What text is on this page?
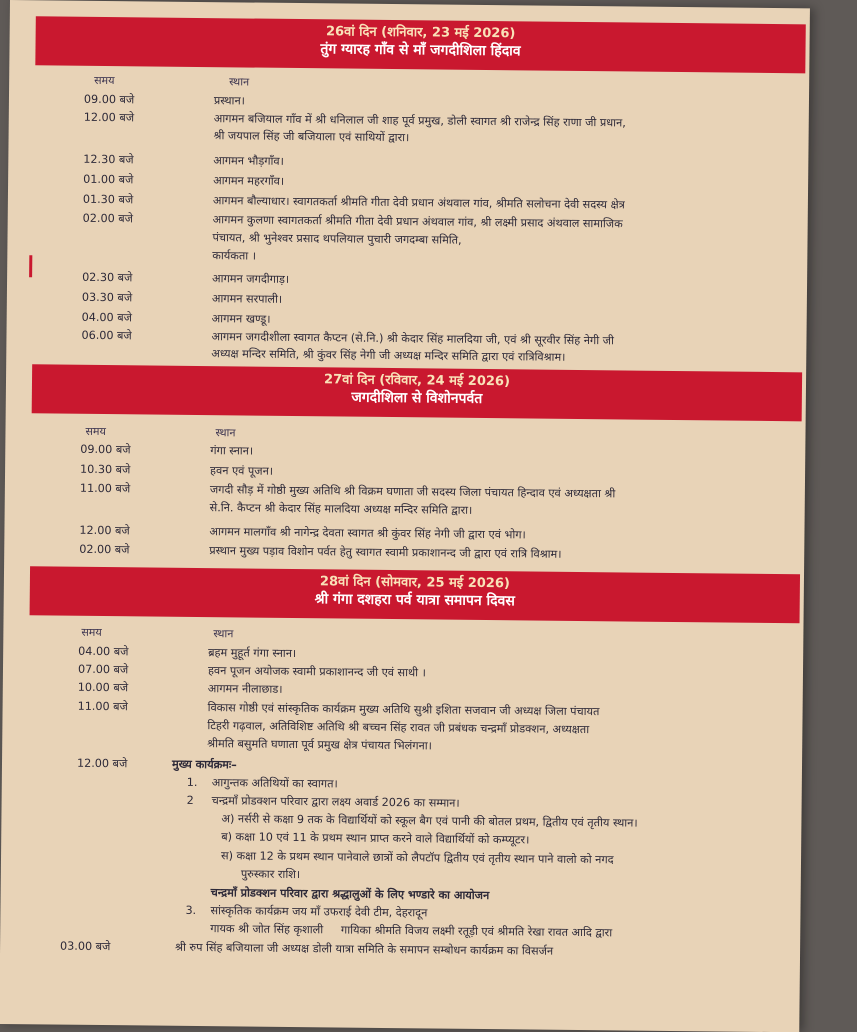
26वां दिन (शनिवार, 23 मई 2026)
तुंग ग्यारह गाँव से माँ जगदीशिला हिंदाव
समय	स्थान
09.00 बजे	प्रस्थान।
12.00 बजे	आगमन बजियाल गाँव में श्री धनिलाल जी शाह पूर्व प्रमुख, डोली स्वागत श्री राजेन्द्र सिंह राणा जी प्रधान,
श्री जयपाल सिंह जी बजियाला एवं साथियों द्वारा।
12.30 बजे	आगमन भौड़गाँव।
01.00 बजे	आगमन महरगाँव।
01.30 बजे	आगमन बौल्याधार। स्वागतकर्ता श्रीमति गीता देवी प्रधान अंथवाल गांव, श्रीमति सलोचना देवी सदस्य क्षेत्र
02.00 बजे	आगमन कुलणा स्वागतकर्ता श्रीमति गीता देवी प्रधान अंथवाल गांव, श्री लक्ष्मी प्रसाद अंथवाल सामाजिक
पंचायत, श्री भुनेश्वर प्रसाद थपलियाल पुचारी जगदम्बा समिति,
कार्यकता ।
02.30 बजे	आगमन जगदीगाड़।
03.30 बजे	आगमन सरपाली।
04.00 बजे	आगमन खण्डू।
06.00 बजे	आगमन जगदीशीला स्वागत कैप्टन (से.नि.) श्री केदार सिंह मालदिया जी, एवं श्री सूरवीर सिंह नेगी जी
अध्यक्ष मन्दिर समिति, श्री कुंवर सिंह नेगी जी अध्यक्ष मन्दिर समिति द्वारा एवं रात्रिविश्राम।
27वां दिन (रविवार, 24 मई 2026)
जगदीशिला से विशोनपर्वत
समय	स्थान
09.00 बजे	गंगा स्नान।
10.30 बजे	हवन एवं पूजन।
11.00 बजे	जगदी सौड़ में गोष्ठी मुख्य अतिथि श्री विक्रम घणाता जी सदस्य जिला पंचायत हिन्दाव एवं अध्यक्षता श्री
से.नि. कैप्टन श्री केदार सिंह मालदिया अध्यक्ष मन्दिर समिति द्वारा।
12.00 बजे	आगमन मालगाँव श्री नागेन्द्र देवता स्वागत श्री कुंवर सिंह नेगी जी द्वारा एवं भोग।
02.00 बजे	प्रस्थान मुख्य पड़ाव विशोन पर्वत हेतु स्वागत स्वामी प्रकाशानन्द जी द्वारा एवं रात्रि विश्राम।
28वां दिन (सोमवार, 25 मई 2026)
श्री गंगा दशहरा पर्व यात्रा समापन दिवस
समय	स्थान
04.00 बजे	ब्रहम मुहूर्त गंगा स्नान।
07.00 बजे	हवन पूजन अयोजक स्वामी प्रकाशानन्द जी एवं साथी ।
10.00 बजे	आगमन नीलाछाड।
11.00 बजे	विकास गोष्ठी एवं सांस्कृतिक कार्यक्रम मुख्य अतिथि सुश्री इशिता सजवान जी अध्यक्ष जिला पंचायत
टिहरी गढ़वाल, अतिविशिष्ट अतिथि श्री बच्चन सिंह रावत जी प्रबंधक चन्द्रमाँ प्रोडक्शन, अध्यक्षता
श्रीमति बसुमति घणाता पूर्व प्रमुख क्षेत्र पंचायत भिलंगना।
12.00 बजे	मुख्य कार्यक्रमः–
1. आगुन्तक अतिथियों का स्वागत।
2 चन्द्रमाँ प्रोडक्शन परिवार द्वारा लक्ष्य अवार्ड 2026 का सम्मान।
अ) नर्सरी से कक्षा 9 तक के विद्यार्थियों को स्कूल बैग एवं पानी की बोतल प्रथम, द्वितीय एवं तृतीय स्थान।
ब) कक्षा 10 एवं 11 के प्रथम स्थान प्राप्त करने वाले विद्यार्थियों को कम्प्यूटर।
स) कक्षा 12 के प्रथम स्थान पानेवाले छात्रों को लैपटॉप द्वितीय एवं तृतीय स्थान पाने वालो को नगद
पुरुस्कार राशि।
चन्द्रमाँ प्रोडक्शन परिवार द्वारा श्रद्धालुओं के लिए भण्डारे का आयोजन
3. सांस्कृतिक कार्यक्रम जय माँ उफराई देवी टीम, देहरादून
गायक श्री जोत सिंह कृशाली     गायिका श्रीमति विजय लक्ष्मी रतूड़ी एवं श्रीमति रेखा रावत आदि द्वारा
03.00 बजे	श्री रुप सिंह बजियाला जी अध्यक्ष डोली यात्रा समिति के समापन सम्बोधन कार्यक्रम का विसर्जन
